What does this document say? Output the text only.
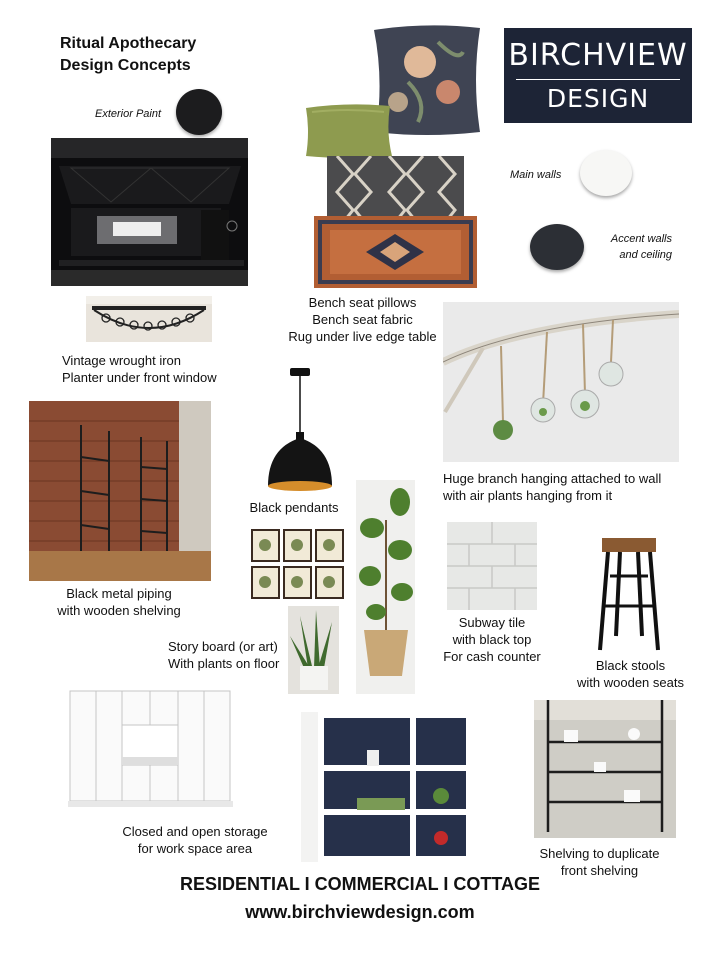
Ritual Apothecary
Design Concepts	BIRCHVIEW
DESIGN
Exterior Paint
Bench seat pillows
Bench seat fabric
Rug under live edge table
Main walls
Accent walls
and ceiling
Vintage wrought iron
Planter under front window
Huge branch hanging attached to wall
with air plants hanging from it
Black metal piping
with wooden shelving
Black pendants
Story board (or art)
With plants on floor
Subway tile
with black top
For cash counter
Black stools
with wooden seats
Closed and open storage
for work space area	Shelving to duplicate
front shelving
RESIDENTIAL I COMMERCIAL I COTTAGE
www.birchviewdesign.com
